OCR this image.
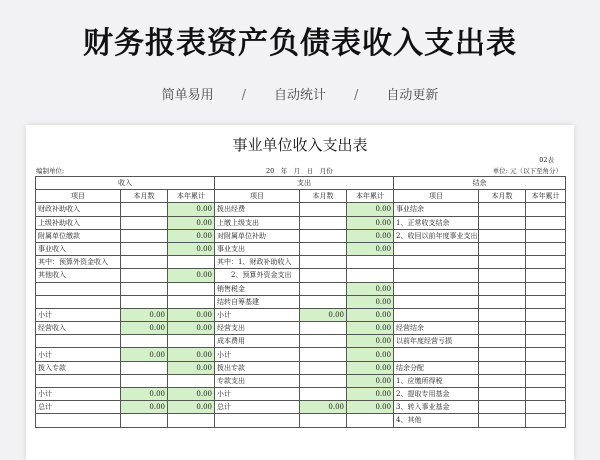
财务报表资产负债表收入支出表
简单易用 / 自动统计 / 自动更新
事业单位收入支出表
02表
编制单位:	20　年　月　日　月份	单位: 元（以下至角分）
收入			支出			结余		
项目	本月数	本年累计	项目	本月数	本年累计	项目	本月数	本年累计
财政补助收入		0.00	拨出经费		0.00	事业结余		
上级补助收入		0.00	上缴上级支出		0.00	1、正常收支结余		
附属单位缴款		0.00	对附属单位补助		0.00	2、收回以前年度事业支出		
事业收入		0.00	事业支出		0.00			
其中：预算外资金收入			其中：1、财政补助收入					
其他收入		0.00	　　2、预算外资金支出					
			销售税金		0.00			
			结转自筹基建		0.00			
小计	0.00	0.00	小计	0.00	0.00			
经营收入	0.00	0.00	经营支出		0.00	经营结余		
			成本费用		0.00	以前年度经营亏损		
小计	0.00	0.00	小计		0.00			
拨入专款		0.00	拨出专款		0.00	结余分配		
			专款支出		0.00	1、应缴所得税		
小计	0.00	0.00	小计		0.00	2、提取专用基金		
总计	0.00	0.00	总计	0.00	0.00	3、转入事业基金		
						4、其他		
